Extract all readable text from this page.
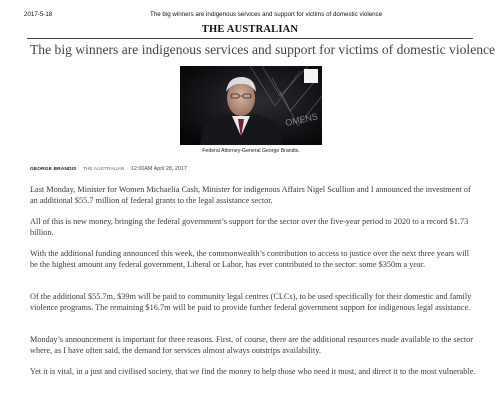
2017-5-18	The big winners are indigenous services and support for victims of domestic violence
THE AUSTRALIAN
The big winners are indigenous services and support for victims of domestic violence
OMENS
Federal Attorney-General George Brandis.
GEORGE BRANDIS THE AUSTRALIAN 12:00AM April 28, 2017

Last Monday, Minister for Women Michaelia Cash, Minister for indigenous Affairs Nigel Scullion and I announced the investment of an additional $55.7 million of federal grants to the legal assistance sector.

All of this is new money, bringing the federal government’s support for the sector over the five-year period to 2020 to a record $1.73 billion.

With the additional funding announced this week, the commonwealth’s contribution to access to justice over the next three years will be the highest amount any federal government, Liberal or Labor, has ever contributed to the sector: some $350m a year.

Of the additional $55.7m, $39m will be paid to community legal centres (CLCs), to be used specifically for their domestic and family violence programs. The remaining $16.7m will be paid to provide further federal government support for indigenous legal assistance.

Monday’s announcement is important for three reasons. First, of course, there are the additional resources made available to the sector where, as I have often said, the demand for services almost always outstrips availability.

Yet it is vital, in a just and civilised society, that we find the money to help those who need it most, and direct it to the most vulnerable.
